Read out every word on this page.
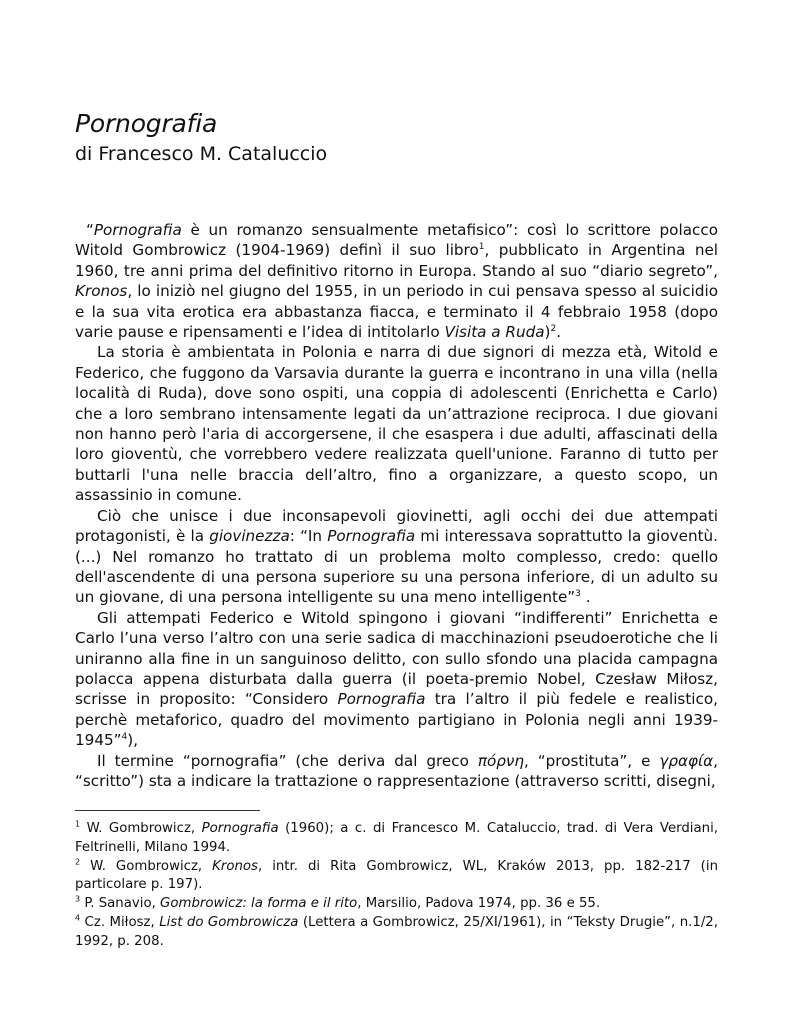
Pornografia
di Francesco M. Cataluccio

“Pornografia è un romanzo sensualmente metafisico”: così lo scrittore polacco Witold Gombrowicz (1904-1969) definì il suo libro$^1$, pubblicato in Argentina nel 1960, tre anni prima del definitivo ritorno in Europa. Stando al suo “diario segreto”, Kronos, lo iniziò nel giugno del 1955, in un periodo in cui pensava spesso al suicidio e la sua vita erotica era abbastanza fiacca, e terminato il 4 febbraio 1958 (dopo varie pause e ripensamenti e l’idea di intitolarlo Visita a Ruda)$^2$.

La storia è ambientata in Polonia e narra di due signori di mezza età, Witold e Federico, che fuggono da Varsavia durante la guerra e incontrano in una villa (nella località di Ruda), dove sono ospiti, una coppia di adolescenti (Enrichetta e Carlo) che a loro sembrano intensamente legati da un’attrazione reciproca. I due giovani non hanno però l'aria di accorgersene, il che esaspera i due adulti, affascinati della loro gioventù, che vorrebbero vedere realizzata quell'unione. Faranno di tutto per buttarli l'una nelle braccia dell’altro, fino a organizzare, a questo scopo, un assassinio in comune.

Ciò che unisce i due inconsapevoli giovinetti, agli occhi dei due attempati protagonisti, è la giovinezza: “In Pornografia mi interessava soprattutto la gioventù.(...) Nel romanzo ho trattato di un problema molto complesso, credo: quello dell'ascendente di una persona superiore su una persona inferiore, di un adulto su un giovane, di una persona intelligente su una meno intelligente”$^3$ .

Gli attempati Federico e Witold spingono i giovani “indifferenti” Enrichetta e Carlo l’una verso l’altro con una serie sadica di macchinazioni pseudoerotiche che li uniranno alla fine in un sanguinoso delitto, con sullo sfondo una placida campagna polacca appena disturbata dalla guerra (il poeta-premio Nobel, Czesław Miłosz, scrisse in proposito: “Considero Pornografia tra l’altro il più fedele e realistico, perchè metaforico, quadro del movimento partigiano in Polonia negli anni 1939-1945”$^4$),

Il termine “pornografia” (che deriva dal greco πόρνη, “prostituta”, e γραφία, “scritto”) sta a indicare la trattazione o rappresentazione (attraverso scritti, disegni,

$^1$ W. Gombrowicz, Pornografia (1960); a c. di Francesco M. Cataluccio, trad. di Vera Verdiani, Feltrinelli, Milano 1994.

$^2$ W. Gombrowicz, Kronos, intr. di Rita Gombrowicz, WL, Kraków 2013, pp. 182-217 (in particolare p. 197).

$^3$ P. Sanavio, Gombrowicz: la forma e il rito, Marsilio, Padova 1974, pp. 36 e 55.

$^4$ Cz. Miłosz, List do Gombrowicza (Lettera a Gombrowicz, 25/XI/1961), in “Teksty Drugie”, n.1/2, 1992, p. 208.
